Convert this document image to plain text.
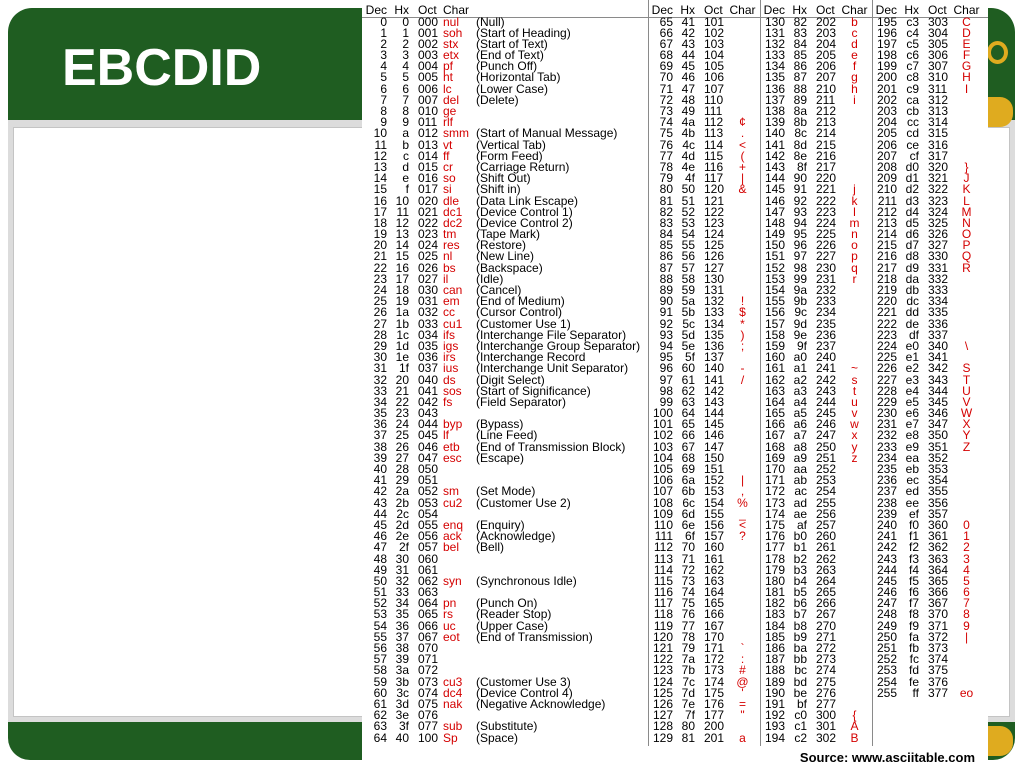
EBCDID
Dec Hx Oct Char
0	0 000 nul	(Null)
1	1 001 soh	(Start of Heading)
2	2 002 stx	(Start of Text)
3	3 003 etx	(End of Text)
4	4 004 pf	(Punch Off)
5	5 005 ht	(Horizontal Tab)
6	6 006 lc	(Lower Case)
7	7 007 del	(Delete)
8	8 010 ge
9	9 011 rlf
10	a 012 smm (Start of Manual Message)
11	b 013 vt	(Vertical Tab)
12	c 014 ff	(Form Feed)
13	d 015 cr	(Carriage Return)
14	e 016 so	(Shift Out)
15	f 017 si	(Shift in)
16 10 020 dle	(Data Link Escape)
17 11 021 dc1	(Device Control 1)
18 12 022 dc2	(Device Control 2)
19 13 023 tm	(Tape Mark)
20 14 024 res	(Restore)
21 15 025 nl	(New Line)
22 16 026 bs	(Backspace)
23 17 027 il	(Idle)
24 18 030 can	(Cancel)
25 19 031 em	(End of Medium)
26 1a 032 cc	(Cursor Control)
27 1b 033 cu1	(Customer Use 1)
28 1c 034 ifs	(Interchange File Separator)
29 1d 035 igs	(Interchange Group Separator)
30 1e 036 irs	(Interchange Record
31 1f 037 ius	(Interchange Unit Separator)
32 20 040 ds	(Digit Select)
33 21 041 sos	(Start of Significance)
34 22 042 fs	(Field Separator)
35 23 043
36 24 044 byp	(Bypass)
37 25 045 lf	(Line Feed)
38 26 046 etb	(End of Transmission Block)
39 27 047 esc	(Escape)
40 28 050
41 29 051
42 2a 052 sm	(Set Mode)
43 2b 053 cu2	(Customer Use 2)
44 2c 054
45 2d 055 enq	(Enquiry)
46 2e 056 ack	(Acknowledge)
47 2f 057 bel	(Bell)
48 30 060
49 31 061
50 32 062 syn	(Synchronous Idle)
51 33 063
52 34 064 pn	(Punch On)
53 35 065 rs	(Reader Stop)
54 36 066 uc	(Upper Case)
55 37 067 eot	(End of Transmission)
56 38 070
57 39 071
58 3a 072
59 3b 073 cu3	(Customer Use 3)
60 3c 074 dc4	(Device Control 4)
61 3d 075 nak	(Negative Acknowledge)
62 3e 076
63 3f 077 sub	(Substitute)
64 40 100 Sp	(Space)
Dec Hx Oct Char
65 41 101
66 42 102
67 43 103
68 44 104
69 45 105
70 46 106
71 47 107
72 48 110
73 49 111
74 4a 112	¢
75 4b 113	.
76 4c 114	<
77 4d 115	(
78 4e 116	+
79 4f 117	|
80 50 120	&
81 51 121
82 52 122
83 53 123
84 54 124
85 55 125
86 56 126
87 57 127
88 58 130
89 59 131
90 5a 132	!
91 5b 133	$
92 5c 134	*
93 5d 135	)
94 5e 136	;
95 5f 137
96 60 140	-
97 61 141	/
98 62 142
99 63 143
100 64 144
101 65 145
102 66 146
103 67 147
104 68 150
105 69 151
106 6a 152	|
107 6b 153	,
108 6c 154	%
109 6d 155	_
110 6e 156	<
111 6f 157	?
112 70 160
113 71 161
114 72 162
115 73 163
116 74 164
117 75 165
118 76 166
119 77 167
120 78 170
121 79 171	`
122 7a 172	:
123 7b 173	#
124 7c 174	@
125 7d 175	'
126 7e 176	=
127 7f 177	"
128 80 200
129 81 201	a
Dec Hx Oct Char
130 82 202	b
131 83 203	c
132 84 204	d
133 85 205	e
134 86 206	f
135 87 207	g
136 88 210	h
137 89 211	i
138 8a 212
139 8b 213
140 8c 214
141 8d 215
142 8e 216
143 8f 217
144 90 220
145 91 221	j
146 92 222	k
147 93 223	l
148 94 224	m
149 95 225	n
150 96 226	o
151 97 227	p
152 98 230	q
153 99 231	r
154 9a 232
155 9b 233
156 9c 234
157 9d 235
158 9e 236
159 9f 237
160 a0 240
161 a1 241	~
162 a2 242	s
163 a3 243	t
164 a4 244	u
165 a5 245	v
166 a6 246	w
167 a7 247	x
168 a8 250	y
169 a9 251	z
170 aa 252
171 ab 253
172 ac 254
173 ad 255
174 ae 256
175 af 257
176 b0 260
177 b1 261
178 b2 262
179 b3 263
180 b4 264
181 b5 265
182 b6 266
183 b7 267
184 b8 270
185 b9 271
186 ba 272
187 bb 273
188 bc 274
189 bd 275
190 be 276
191 bf 277
192 c0 300	{
193 c1 301	A
194 c2 302	B
Dec Hx Oct Char
195 c3 303	C
196 c4 304	D
197 c5 305	E
198 c6 306	F
199 c7 307	G
200 c8 310	H
201 c9 311	I
202 ca 312
203 cb 313
204 cc 314
205 cd 315
206 ce 316
207	cf 317
208 d0 320	}
209 d1 321	J
210 d2 322	K
211 d3 323	L
212 d4 324	M
213 d5 325	N
214 d6 326	O
215 d7 327	P
216 d8 330	Q
217 d9 331	R
218 da 332
219 db 333
220 dc 334
221 dd 335
222 de 336
223 df 337
224 e0 340	\
225 e1 341
226 e2 342	S
227 e3 343	T
228 e4 344	U
229 e5 345	V
230 e6 346	W
231 e7 347	X
232 e8 350	Y
233 e9 351	Z
234 ea 352
235 eb 353
236 ec 354
237 ed 355
238 ee 356
239 ef 357
240 f0 360	0
241 f1 361	1
242 f2 362	2
243 f3 363	3
244 f4 364	4
245 f5 365	5
246 f6 366	6
247 f7 367	7
248 f8 370	8
249 f9 371	9
250 fa 372	|
251 fb 373
252	fc 374
253 fd 375
254 fe 376
255	ff 377 eo
Source: www.asciitable.com
